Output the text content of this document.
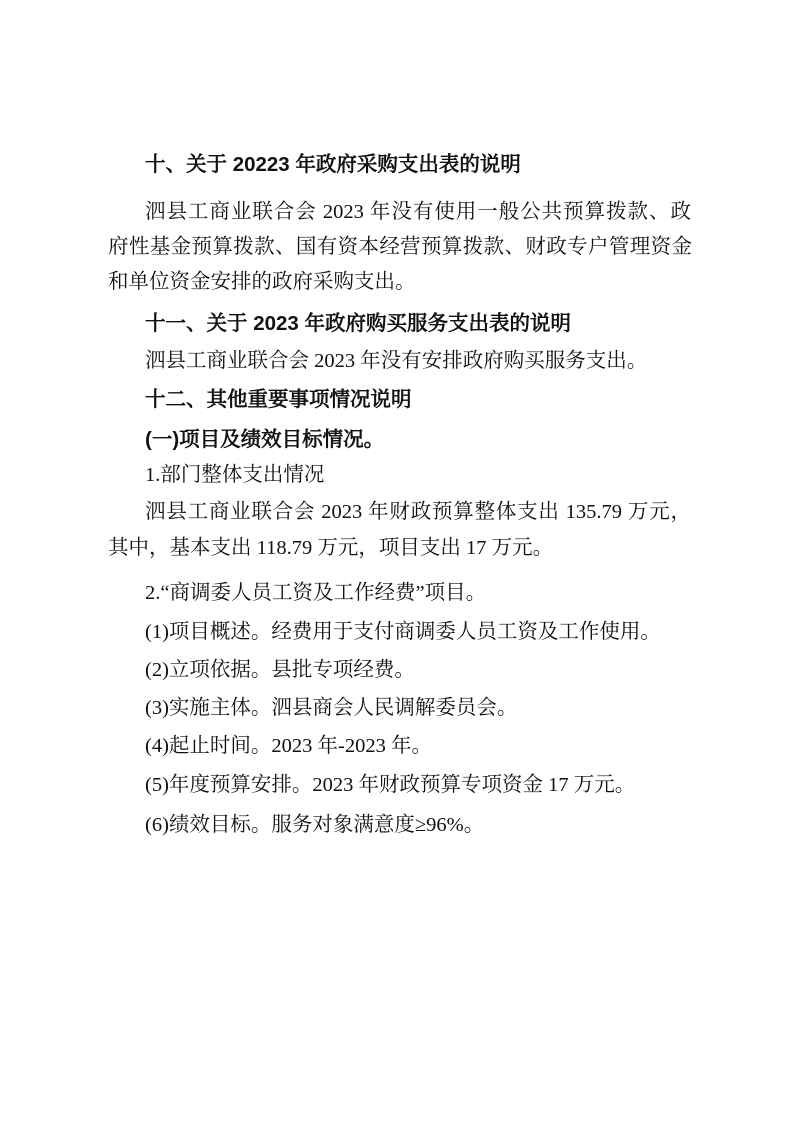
十、关于 20223 年政府采购支出表的说明
泗县工商业联合会 2023 年没有使用一般公共预算拨款、政
府性基金预算拨款、国有资本经营预算拨款、财政专户管理资金
和单位资金安排的政府采购支出。
十一、关于 2023 年政府购买服务支出表的说明
泗县工商业联合会 2023 年没有安排政府购买服务支出。
十二、其他重要事项情况说明
(一)项目及绩效目标情况。
1.部门整体支出情况
泗县工商业联合会 2023 年财政预算整体支出 135.79 万元，
其中，基本支出 118.79 万元，项目支出 17 万元。
2.“商调委人员工资及工作经费”项目。
(1)项目概述。经费用于支付商调委人员工资及工作使用。
(2)立项依据。县批专项经费。
(3)实施主体。泗县商会人民调解委员会。
(4)起止时间。2023 年-2023 年。
(5)年度预算安排。2023 年财政预算专项资金 17 万元。
(6)绩效目标。服务对象满意度≥96%。
